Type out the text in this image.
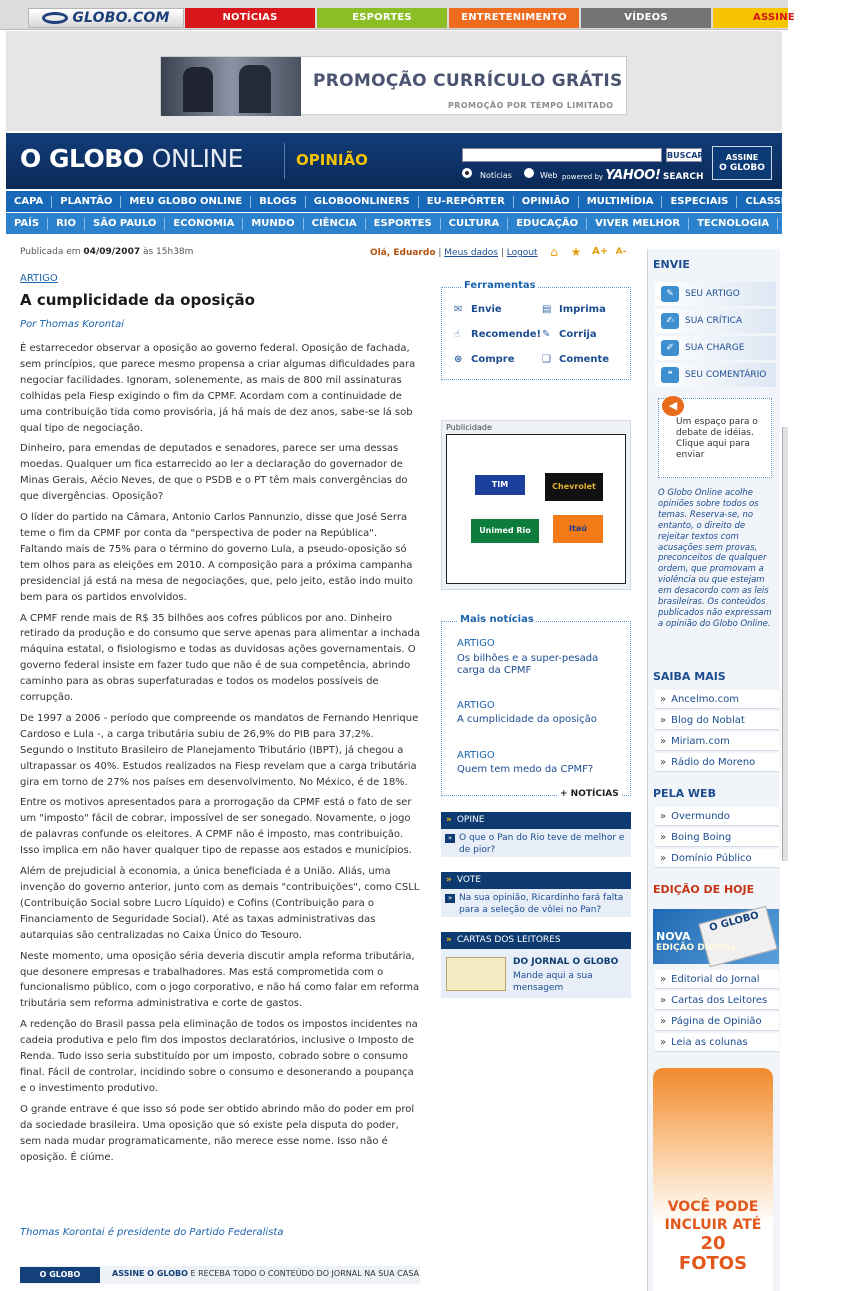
GLOBO.COM	NOTÍCIAS	ESPORTES	ENTRETENIMENTO	VÍDEOS	ASSINE
PROMOÇÃO CURRÍCULO GRÁTIS
PROMOÇÃO POR TEMPO LIMITADO
O GLOBO ONLINE	OPINIÃO	BUSCAR
Notícias	Web powered by YAHOO! SEARCH
ASSINE
O GLOBO
CAPA	PLANTÃO	MEU GLOBO ONLINE	BLOGS	GLOBOONLINERS	EU-REPÓRTER	OPINIÃO	MULTIMÍDIA	ESPECIAIS	CLASSIFICADOS ZAP
PAÍS	RIO	SÃO PAULO	ECONOMIA	MUNDO	CIÊNCIA	ESPORTES	CULTURA	EDUCAÇÃO	VIVER MELHOR	TECNOLOGIA	VIAGEM
Publicada em 04/09/2007 às 15h38m	Olá, Eduardo | Meus dados | Logout ⌂ ★ A+ A-
ARTIGO
A cumplicidade da oposição
Por Thomas Korontai

É estarrecedor observar a oposição ao governo federal. Oposição de fachada, sem princípios, que parece mesmo propensa a criar algumas dificuldades para negociar facilidades. Ignoram, solenemente, as mais de 800 mil assinaturas colhidas pela Fiesp exigindo o fim da CPMF. Acordam com a continuidade de uma contribuição tida como provisória, já há mais de dez anos, sabe-se lá sob qual tipo de negociação.

Dinheiro, para emendas de deputados e senadores, parece ser uma dessas moedas. Qualquer um fica estarrecido ao ler a declaração do governador de Minas Gerais, Aécio Neves, de que o PSDB e o PT têm mais convergências do que divergências. Oposição?

O líder do partido na Câmara, Antonio Carlos Pannunzio, disse que José Serra teme o fim da CPMF por conta da "perspectiva de poder na República". Faltando mais de 75% para o término do governo Lula, a pseudo-oposição só tem olhos para as eleições em 2010. A composição para a próxima campanha presidencial já está na mesa de negociações, que, pelo jeito, estão indo muito bem para os partidos envolvidos.

A CPMF rende mais de R$ 35 bilhões aos cofres públicos por ano. Dinheiro retirado da produção e do consumo que serve apenas para alimentar a inchada máquina estatal, o fisiologismo e todas as duvidosas ações governamentais. O governo federal insiste em fazer tudo que não é de sua competência, abrindo caminho para as obras superfaturadas e todos os modelos possíveis de corrupção.

De 1997 a 2006 - período que compreende os mandatos de Fernando Henrique Cardoso e Lula -, a carga tributária subiu de 26,9% do PIB para 37,2%. Segundo o Instituto Brasileiro de Planejamento Tributário (IBPT), já chegou a ultrapassar os 40%. Estudos realizados na Fiesp revelam que a carga tributária gira em torno de 27% nos países em desenvolvimento. No México, é de 18%.

Entre os motivos apresentados para a prorrogação da CPMF está o fato de ser um "imposto" fácil de cobrar, impossível de ser sonegado. Novamente, o jogo de palavras confunde os eleitores. A CPMF não é imposto, mas contribuição. Isso implica em não haver qualquer tipo de repasse aos estados e municípios.

Além de prejudicial à economia, a única beneficiada é a União. Aliás, uma invenção do governo anterior, junto com as demais "contribuições", como CSLL (Contribuição Social sobre Lucro Líquido) e Cofins (Contribuição para o Financiamento de Seguridade Social). Até as taxas administrativas das autarquias são centralizadas no Caixa Único do Tesouro.

Neste momento, uma oposição séria deveria discutir ampla reforma tributária, que desonere empresas e trabalhadores. Mas está comprometida com o funcionalismo público, com o jogo corporativo, e não há como falar em reforma tributária sem reforma administrativa e corte de gastos.

A redenção do Brasil passa pela eliminação de todos os impostos incidentes na cadeia produtiva e pelo fim dos impostos declaratórios, inclusive o Imposto de Renda. Tudo isso seria substituído por um imposto, cobrado sobre o consumo final. Fácil de controlar, incidindo sobre o consumo e desonerando a poupança e o investimento produtivo.

O grande entrave é que isso só pode ser obtido abrindo mão do poder em prol da sociedade brasileira. Uma oposição que só existe pela disputa do poder, sem nada mudar programaticamente, não merece esse nome. Isso não é oposição. É ciúme.

Thomas Korontai é presidente do Partido Federalista
O GLOBO	ASSINE O GLOBO E RECEBA TODO O CONTEÚDO DO JORNAL NA SUA CASA
Ferramentas
✉ Envie	▤ Imprima
☝ Recomende! ✎ Corrija
⊛ Compre	❑ Comente
Publicidade
TIM	Chevrolet
Unimed Rio	Itaú
Mais notícias
ARTIGO
Os bilhões e a super-pesada carga da CPMF
ARTIGO
A cumplicidade da oposição
ARTIGO
Quem tem medo da CPMF?
+ NOTÍCIAS
» OPINE
» O que o Pan do Rio teve de melhor e de pior?
» VOTE
» Na sua opinião, Ricardinho fará falta para a seleção de vôlei no Pan?
» CARTAS DOS LEITORES
DO JORNAL O GLOBO
Mande aqui a sua mensagem
ENVIE
✎	SEU ARTIGO
✍	SUA CRÍTICA
✐	SUA CHARGE
❝	SEU COMENTÁRIO
Um espaço para o debate de idéias. Clique aqui para enviar
◀
O Globo Online acolhe opiniões sobre todos os temas. Reserva-se, no entanto, o direito de rejeitar textos com acusações sem provas, preconceitos de qualquer ordem, que promovam a violência ou que estejam em desacordo com as leis brasileiras. Os conteúdos publicados não expressam a opinião do Globo Online.
SAIBA MAIS
» Ancelmo.com
» Blog do Noblat
» Miriam.com
» Rádio do Moreno
PELA WEB
» Overmundo
» Boing Boing
» Domínio Público
EDIÇÃO DE HOJE
O GLOBO
NOVA
EDIÇÃO DIGITAL
» Editorial do Jornal
» Cartas dos Leitores
» Página de Opinião
» Leia as colunas
VOCÊ PODE
INCLUIR ATÉ
20
FOTOS
